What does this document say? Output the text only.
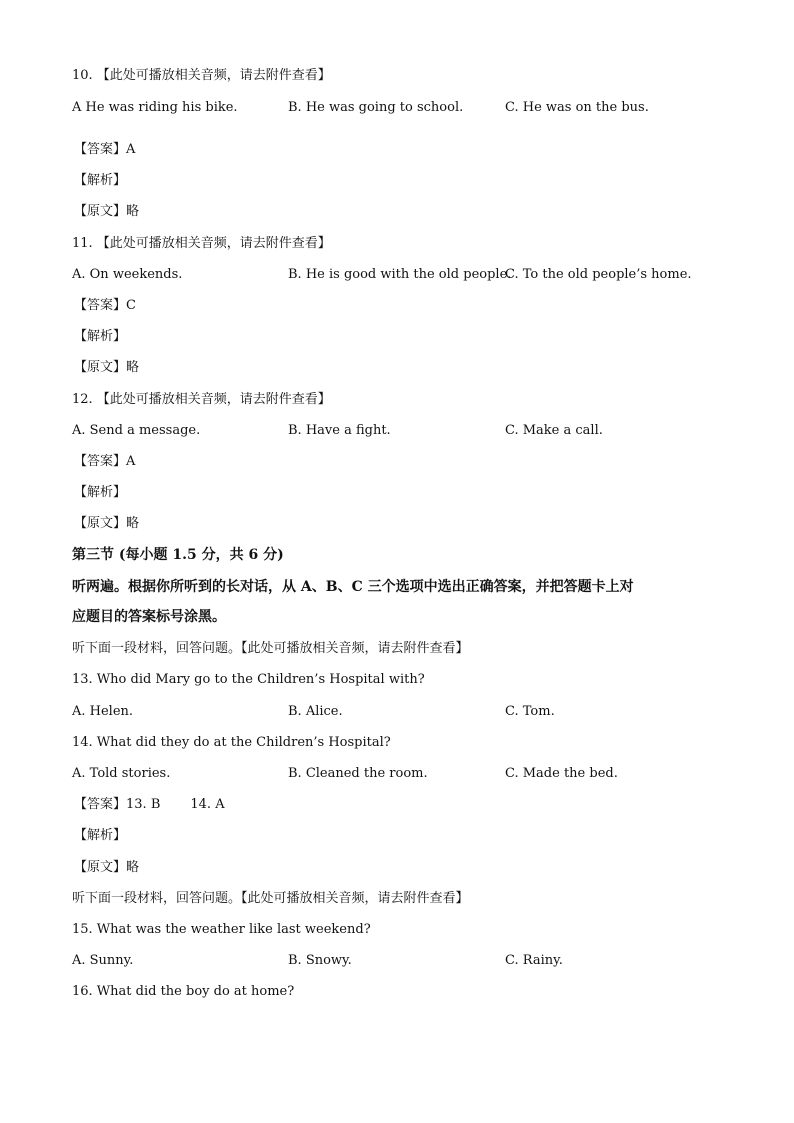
10. 【此处可播放相关音频，请去附件查看】
A He was riding his bike.	B. He was going to school.	C. He was on the bus.
【答案】A
【解析】
【原文】略
11. 【此处可播放相关音频，请去附件查看】
A. On weekends.	B. He is good with the old people.
C. To the old people’s home.
【答案】C
【解析】
【原文】略
12. 【此处可播放相关音频，请去附件查看】
A. Send a message.	B. Have a fight.	C. Make a call.
【答案】A
【解析】
【原文】略
第三节 (每小题 1.5 分，共 6 分)
听两遍。根据你所听到的长对话，从 A、B、C 三个选项中选出正确答案，并把答题卡上对
应题目的答案标号涂黑。
听下面一段材料，回答问题。【此处可播放相关音频，请去附件查看】
13. Who did Mary go to the Children’s Hospital with?
A. Helen.	B. Alice.	C. Tom.
14. What did they do at the Children’s Hospital?
A. Told stories.	B. Cleaned the room.	C. Made the bed.
【答案】13. B 14. A
【解析】
【原文】略
听下面一段材料，回答问题。【此处可播放相关音频，请去附件查看】
15. What was the weather like last weekend?
A. Sunny.	B. Snowy.	C. Rainy.
16. What did the boy do at home?
